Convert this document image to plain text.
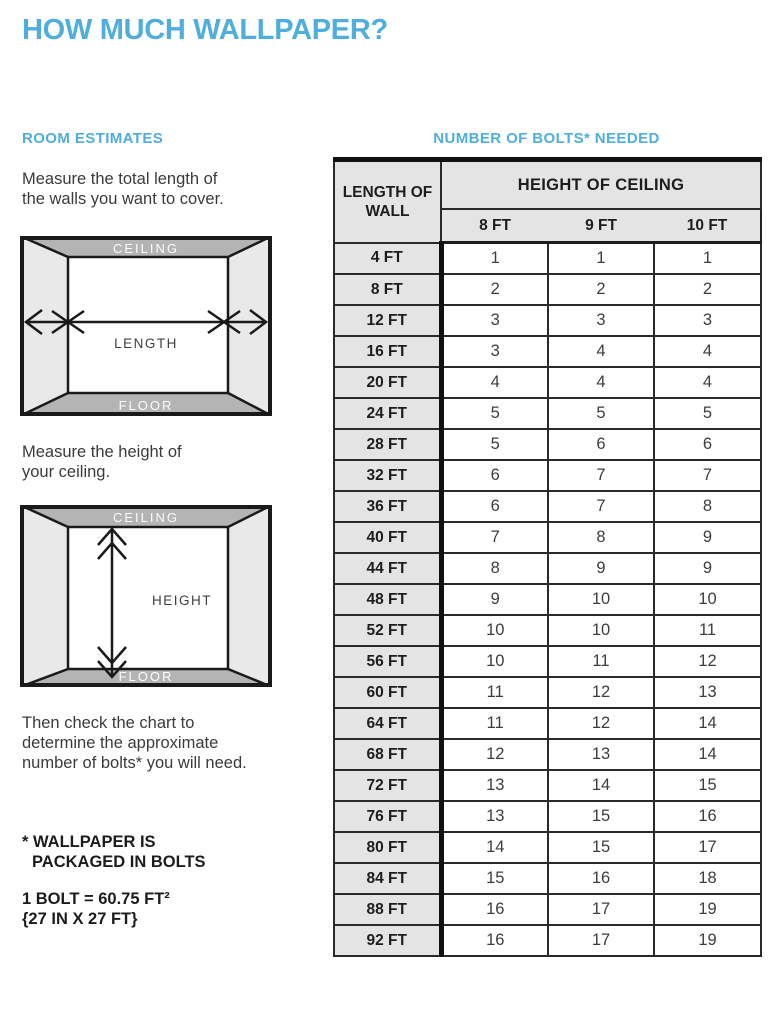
HOW MUCH WALLPAPER?
ROOM ESTIMATES	NUMBER OF BOLTS* NEEDED
Measure the total length of
the walls you want to cover.
CEILING
FLOOR
LENGTH
Measure the height of
your ceiling.
CEILING
FLOOR
HEIGHT
Then check the chart to
determine the approximate
number of bolts* you will need.
* WALLPAPER IS
PACKAGED IN BOLTS
1 BOLT = 60.75 FT²
{27 IN X 27 FT}
LENGTH OF WALL	HEIGHT OF CEILING		
	8 FT	9 FT	10 FT
4 FT	1	1	1
8 FT	2	2	2
12 FT	3	3	3
16 FT	3	4	4
20 FT	4	4	4
24 FT	5	5	5
28 FT	5	6	6
32 FT	6	7	7
36 FT	6	7	8
40 FT	7	8	9
44 FT	8	9	9
48 FT	9	10	10
52 FT	10	10	11
56 FT	10	11	12
60 FT	11	12	13
64 FT	11	12	14
68 FT	12	13	14
72 FT	13	14	15
76 FT	13	15	16
80 FT	14	15	17
84 FT	15	16	18
88 FT	16	17	19
92 FT	16	17	19
